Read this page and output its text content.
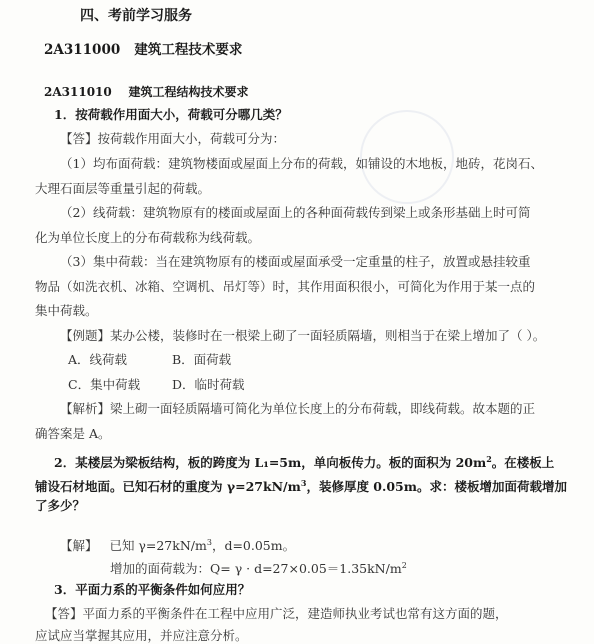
四、考前学习服务
2A311000 建筑工程技术要求
2A311010 建筑工程结构技术要求
1．按荷载作用面大小，荷载可分哪几类？
【答】按荷载作用面大小，荷载可分为：
（1）均布面荷载：建筑物楼面或屋面上分布的荷载，如铺设的木地板，地砖，花岗石、
大理石面层等重量引起的荷载。
（2）线荷载：建筑物原有的楼面或屋面上的各种面荷载传到梁上或条形基础上时可简
化为单位长度上的分布荷载称为线荷载。
（3）集中荷载：当在建筑物原有的楼面或屋面承受一定重量的柱子，放置或悬挂较重
物品（如洗衣机、冰箱、空调机、吊灯等）时，其作用面积很小，可简化为作用于某一点的
集中荷载。
【例题】某办公楼，装修时在一根梁上砌了一面轻质隔墙，则相当于在梁上增加了（ ）。
A．线荷载	B．面荷载
C．集中荷载	D．临时荷载
【解析】梁上砌一面轻质隔墙可简化为单位长度上的分布荷载，即线荷载。故本题的正
确答案是 A。
2．某楼层为梁板结构，板的跨度为 L₁=5m，单向板传力。板的面积为 $20m^2$。在楼板上
铺设石材地面。已知石材的重度为 $\gamma=27kN/m^3$，装修厚度 0.05m。求：楼板增加面荷载增加
了多少？
【解】 已知 $\gamma=27kN/m^3$，d=0.05m。
增加的面荷载为：$Q= \gamma \cdot d=27\times 0.05=1.35kN/m^2$
3．平面力系的平衡条件如何应用？
【答】平面力系的平衡条件在工程中应用广泛，建造师执业考试也常有这方面的题，
应试应当掌握其应用，并应注意分析。
